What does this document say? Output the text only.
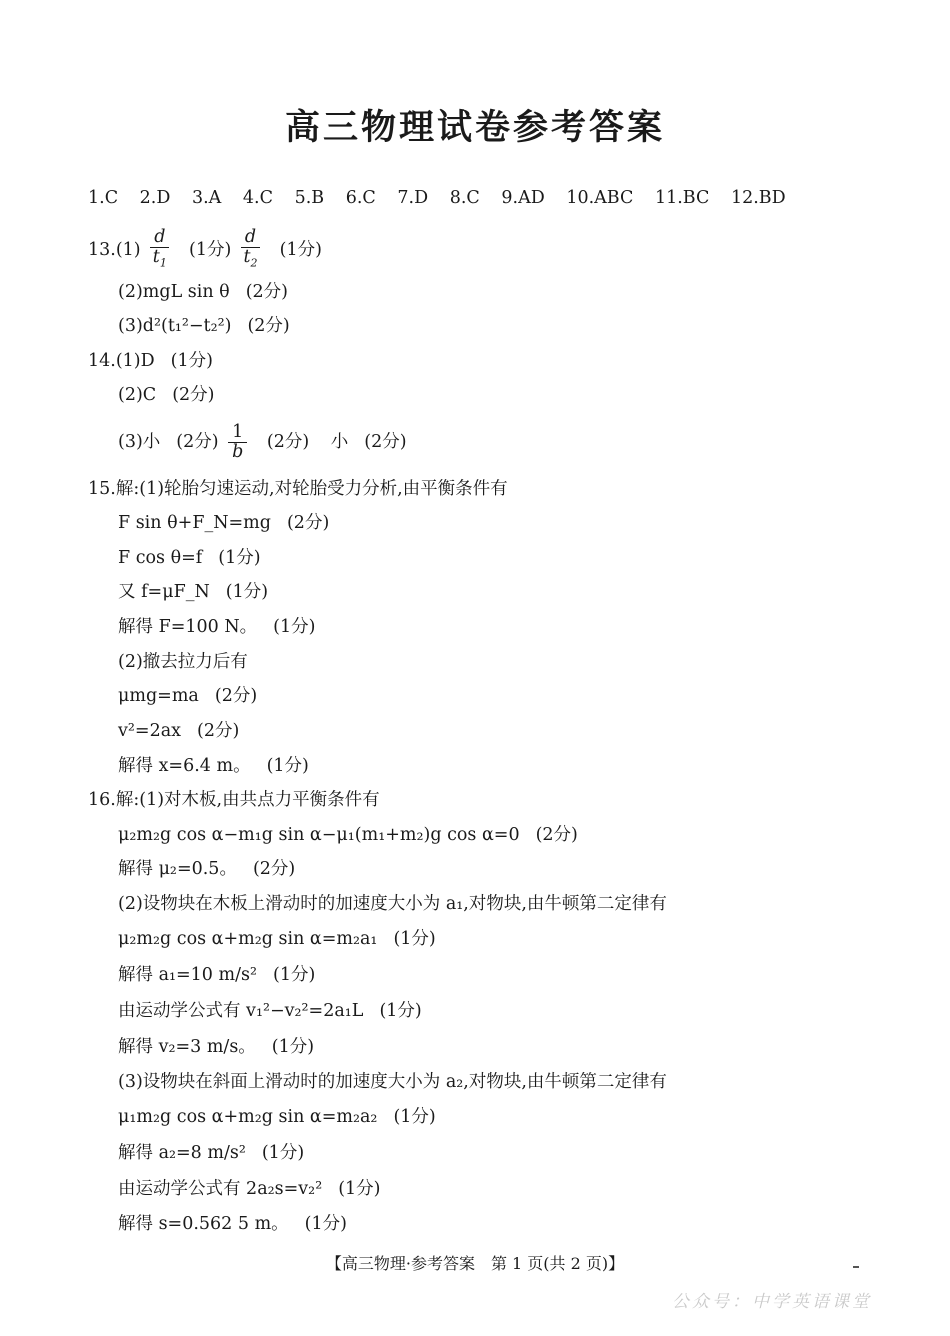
高三物理试卷参考答案
1.C 2.D 3.A 4.C 5.B 6.C 7.D 8.C 9.AD 10.ABC 11.BC 12.BD
$13.(1) \frac{d}{t_1} (1$分) $\frac{d}{t_2} (1$分)
(2)mgL sin θ (2分)
(3)d²(t₁²−t₂²) (2分)
14.(1)D (1分)
(2)C (2分)
(3)小 (2分) $\frac{1}{b} (2$分) 小 (2分)
15.解:(1)轮胎匀速运动,对轮胎受力分析,由平衡条件有
F sin θ+F_N=mg (2分)
F cos θ=f (1分)
又 f=μF_N (1分)
解得 F=100 N。 (1分)
(2)撤去拉力后有
μmg=ma (2分)
v²=2ax (2分)
解得 x=6.4 m。 (1分)
16.解:(1)对木板,由共点力平衡条件有
μ₂m₂g cos α−m₁g sin α−μ₁(m₁+m₂)g cos α=0 (2分)
解得 μ₂=0.5。 (2分)
(2)设物块在木板上滑动时的加速度大小为 a₁,对物块,由牛顿第二定律有
μ₂m₂g cos α+m₂g sin α=m₂a₁ (1分)
解得 a₁=10 m/s² (1分)
由运动学公式有 v₁²−v₂²=2a₁L (1分)
解得 v₂=3 m/s。 (1分)
(3)设物块在斜面上滑动时的加速度大小为 a₂,对物块,由牛顿第二定律有
μ₁m₂g cos α+m₂g sin α=m₂a₂ (1分)
解得 a₂=8 m/s² (1分)
由运动学公式有 2a₂s=v₂² (1分)
解得 s=0.562 5 m。 (1分)
【高三物理·参考答案　第 1 页(共 2 页)】
公众号：中学英语课堂
